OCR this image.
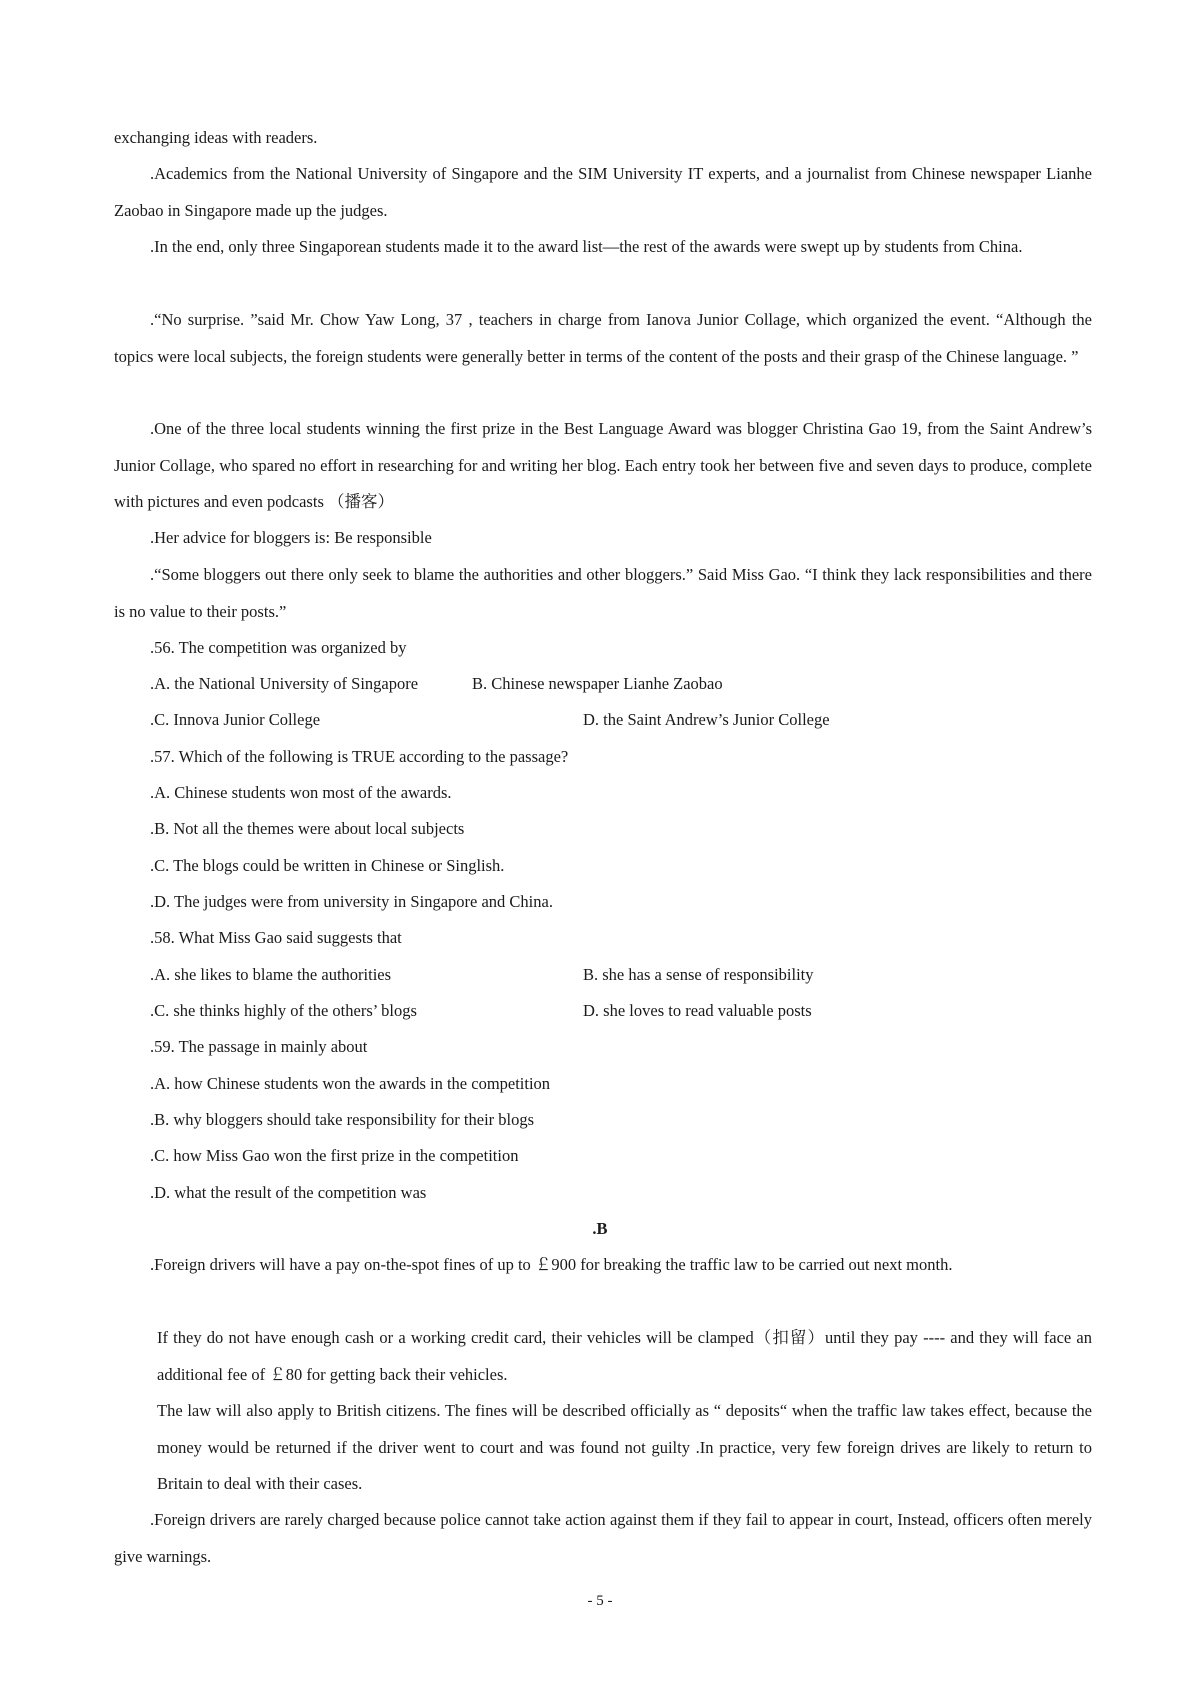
exchanging ideas with readers.

.Academics from the National University of Singapore and the SIM University IT experts, and a journalist from Chinese newspaper Lianhe Zaobao in Singapore made up the judges.

.In the end, only three Singaporean students made it to the award list—the rest of the awards were swept up by students from China.

.“No surprise. ”said Mr. Chow Yaw Long, 37 , teachers in charge from Ianova Junior Collage, which organized the event. “Although the topics were local subjects, the foreign students were generally better in terms of the content of the posts and their grasp of the Chinese language. ”

.One of the three local students winning the first prize in the Best Language Award was blogger Christina Gao 19, from the Saint Andrew’s Junior Collage, who spared no effort in researching for and writing her blog. Each entry took her between five and seven days to produce, complete with pictures and even podcasts （播客）

.Her advice for bloggers is: Be responsible

.“Some bloggers out there only seek to blame the authorities and other bloggers.” Said Miss Gao. “I think they lack responsibilities and there is no value to their posts.”

.56. The competition was organized by

.A. the National University of Singapore	B. Chinese newspaper Lianhe Zaobao

.C. Innova Junior College	D. the Saint Andrew’s Junior College

.57. Which of the following is TRUE according to the passage?

.A. Chinese students won most of the awards.

.B. Not all the themes were about local subjects

.C. The blogs could be written in Chinese or Singlish.

.D. The judges were from university in Singapore and China.

.58. What Miss Gao said suggests that

.A. she likes to blame the authorities	B. she has a sense of responsibility

.C. she thinks highly of the others’ blogs	D. she loves to read valuable posts

.59. The passage in mainly about

.A. how Chinese students won the awards in the competition

.B. why bloggers should take responsibility for their blogs

.C. how Miss Gao won the first prize in the competition

.D. what the result of the competition was

.B

.Foreign drivers will have a pay on-the-spot fines of up to ￡900 for breaking the traffic law to be carried out next month.

If they do not have enough cash or a working credit card, their vehicles will be clamped（扣留）until they pay ---- and they will face an additional fee of ￡80 for getting back their vehicles.

The law will also apply to British citizens. The fines will be described officially as “ deposits“ when the traffic law takes effect, because the money would be returned if the driver went to court and was found not guilty .In practice, very few foreign drives are likely to return to Britain to deal with their cases.

.Foreign drivers are rarely charged because police cannot take action against them if they fail to appear in court, Instead, officers often merely give warnings.

- 5 -
